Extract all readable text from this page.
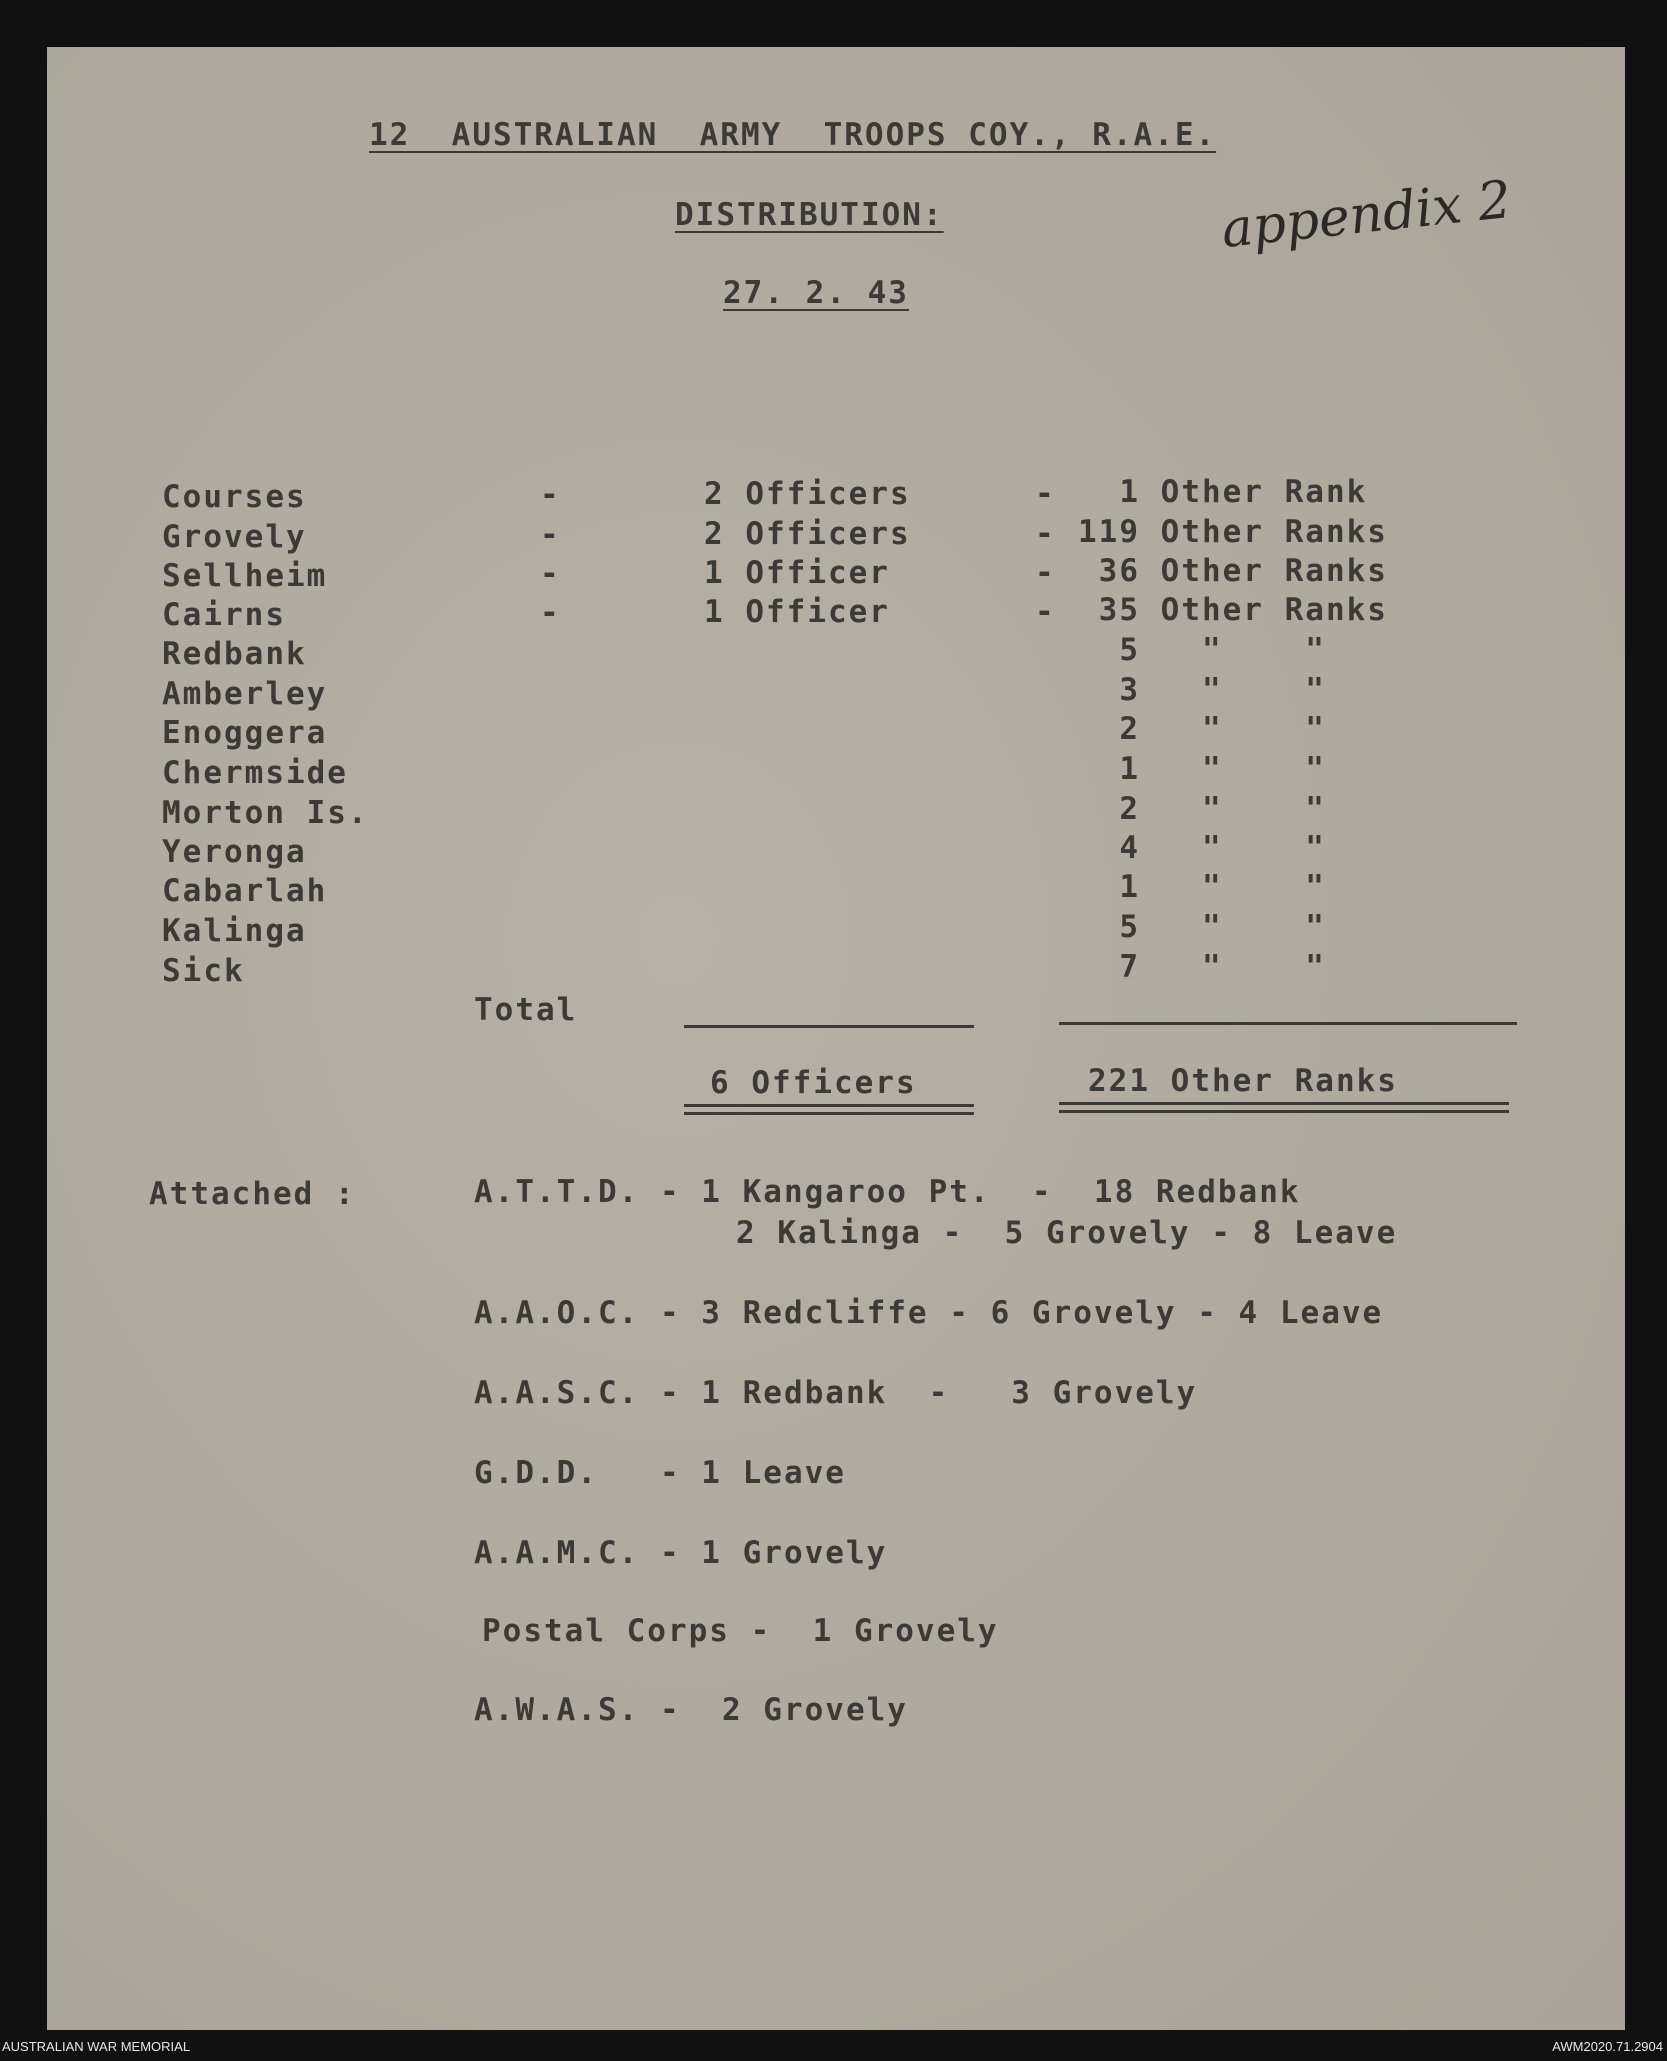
12  AUSTRALIAN  ARMY  TROOPS COY., R.A.E.
DISTRIBUTION:
27. 2. 43
appendix 2
Courses	-	2 Officers	- 1 Other Rank
Grovely	-	2 Officers	- 119 Other Ranks
Sellheim	-	1 Officer	- 36 Other Ranks
Cairns	-	1 Officer	- 35 Other Ranks
Redbank	5   "    "
Amberley	3   "    "
Enoggera	2   "    "
Chermside	1   "    "
Morton Is.	2   "    "
Yeronga	4   "    "
Cabarlah	1   "    "
Kalinga	5   "    "
Sick	7   "    "
Total
6 Officers	221 Other Ranks
Attached :	A.T.T.D. - 1 Kangaroo Pt.  -  18 Redbank
2 Kalinga -  5 Grovely - 8 Leave
A.A.O.C. - 3 Redcliffe - 6 Grovely - 4 Leave
A.A.S.C. - 1 Redbank  -   3 Grovely
G.D.D.   - 1 Leave
A.A.M.C. - 1 Grovely
Postal Corps -  1 Grovely
A.W.A.S. -  2 Grovely
AUSTRALIAN WAR MEMORIAL	AWM2020.71.2904
